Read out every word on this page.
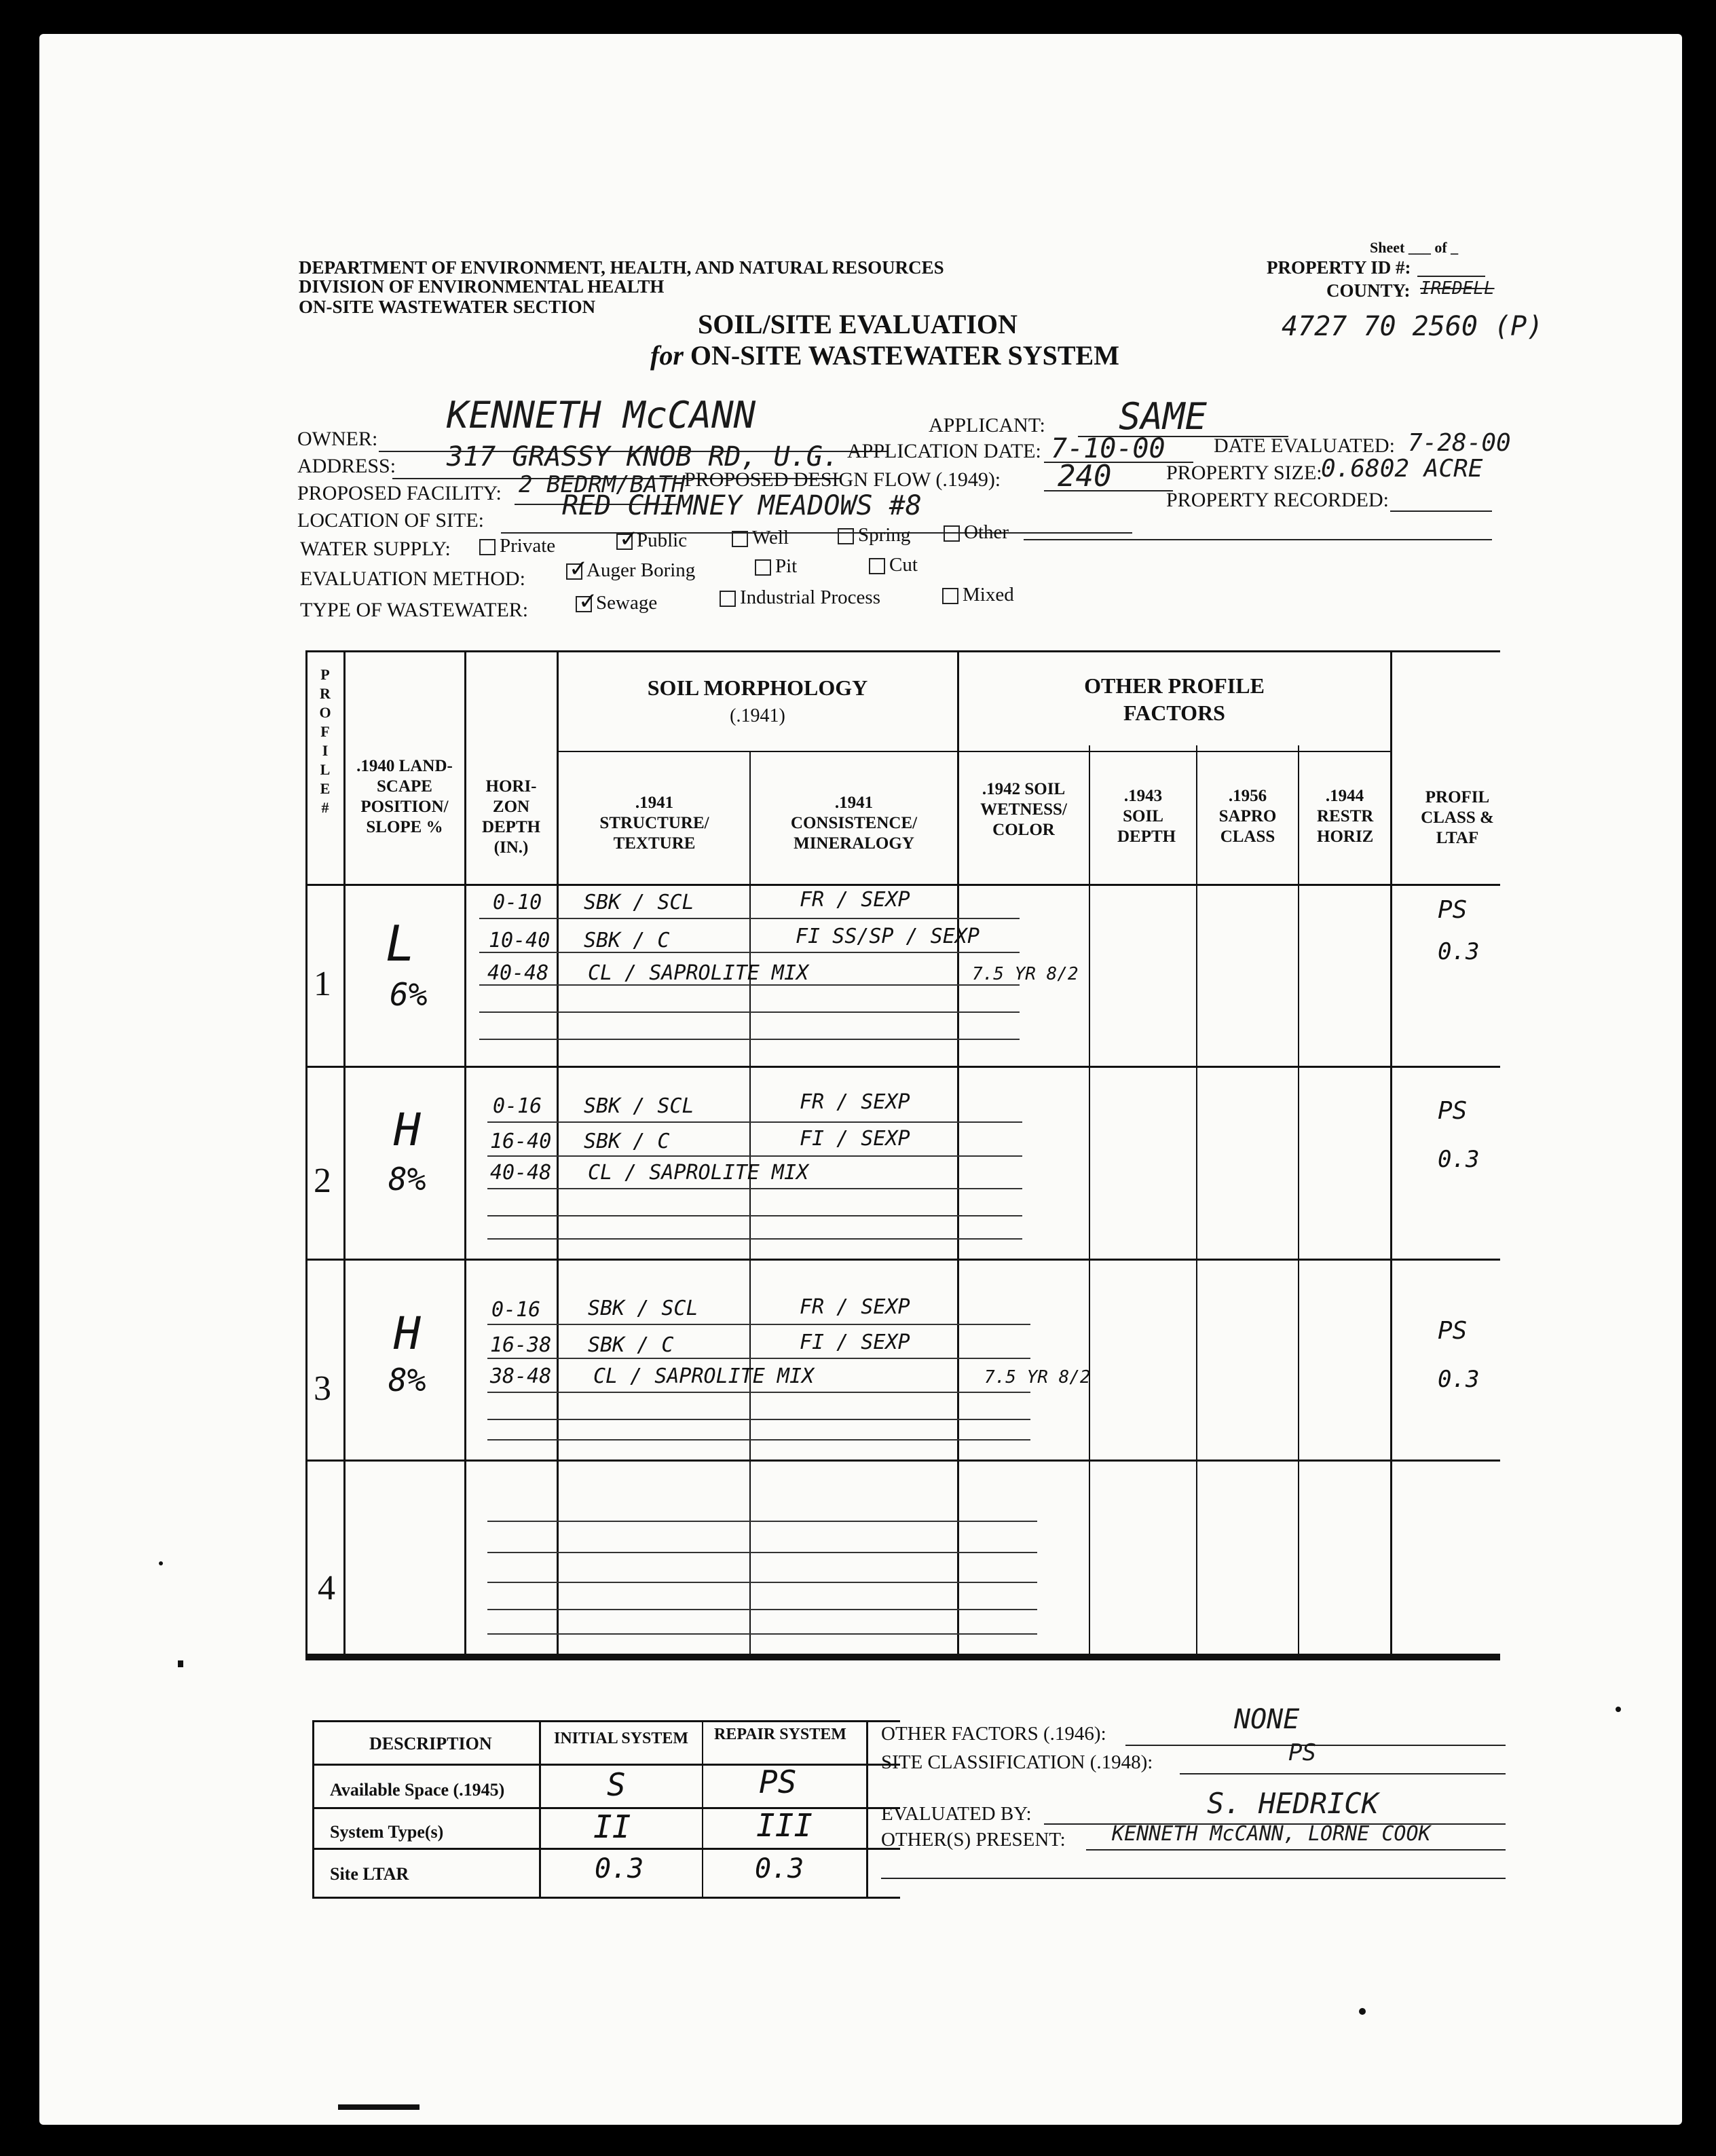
DEPARTMENT OF ENVIRONMENT, HEALTH, AND NATURAL RESOURCES
DIVISION OF ENVIRONMENTAL HEALTH
ON-SITE WASTEWATER SECTION
Sheet ___ of _
PROPERTY ID #:
COUNTY: IREDELL
4727 70 2560 (P)
SOIL/SITE EVALUATION
for ON-SITE WASTEWATER SYSTEM
OWNER:
KENNETH McCANN	APPLICANT: SAME
ADDRESS: 317 GRASSY KNOB RD, U.G. APPLICATION DATE: 7-10-00 DATE EVALUATED: 7-28-00
PROPOSED FACILITY: 2 BEDRM/BATH
PROPOSED DESIGN FLOW (.1949): 240	PROPERTY SIZE:
0.6802 ACRE
LOCATION OF SITE:	RED CHIMNEY MEADOWS #8	PROPERTY RECORDED:
WATER SUPPLY:	Private ✓	Public	Well	Spring	Other
EVALUATION METHOD: ✓	Auger Boring	Pit	Cut
TYPE OF WASTEWATER: ✓	Sewage	Industrial Process	Mixed
P R O F I L E #
.1940 LAND- SCAPE POSITION/ SLOPE %
HORI- ZON DEPTH (IN.)
SOIL MORPHOLOGY
(.1941)
.1941 STRUCTURE/ TEXTURE
.1941 CONSISTENCE/ MINERALOGY
OTHER PROFILE FACTORS
.1942 SOIL WETNESS/ COLOR
.1943 SOIL DEPTH
.1956 SAPRO CLASS
.1944 RESTR HORIZ
PROFIL CLASS & LTAF
1
L
6%
0-10 SBK / SCL	FR / SEXP
10-40 SBK / C	FI SS/SP / SEXP
40-48 CL / SAPROLITE MIX	7.5 YR 8/2
PS
0.3
2
H
8%
0-16 SBK / SCL	FR / SEXP
16-40 SBK / C	FI / SEXP
40-48 CL / SAPROLITE MIX
PS
0.3
3
H
8%
0-16 SBK / SCL	FR / SEXP
16-38 SBK / C	FI / SEXP
38-48 CL / SAPROLITE MIX	7.5 YR 8/2
PS
0.3
4
DESCRIPTION	INITIAL SYSTEM REPAIR SYSTEM
Available Space (.1945)	S	PS
System Type(s)	II	III
Site LTAR	0.3	0.3
OTHER FACTORS (.1946):	NONE
SITE CLASSIFICATION (.1948):	PS
EVALUATED BY:	S. HEDRICK
OTHER(S) PRESENT: KENNETH McCANN, LORNE COOK
